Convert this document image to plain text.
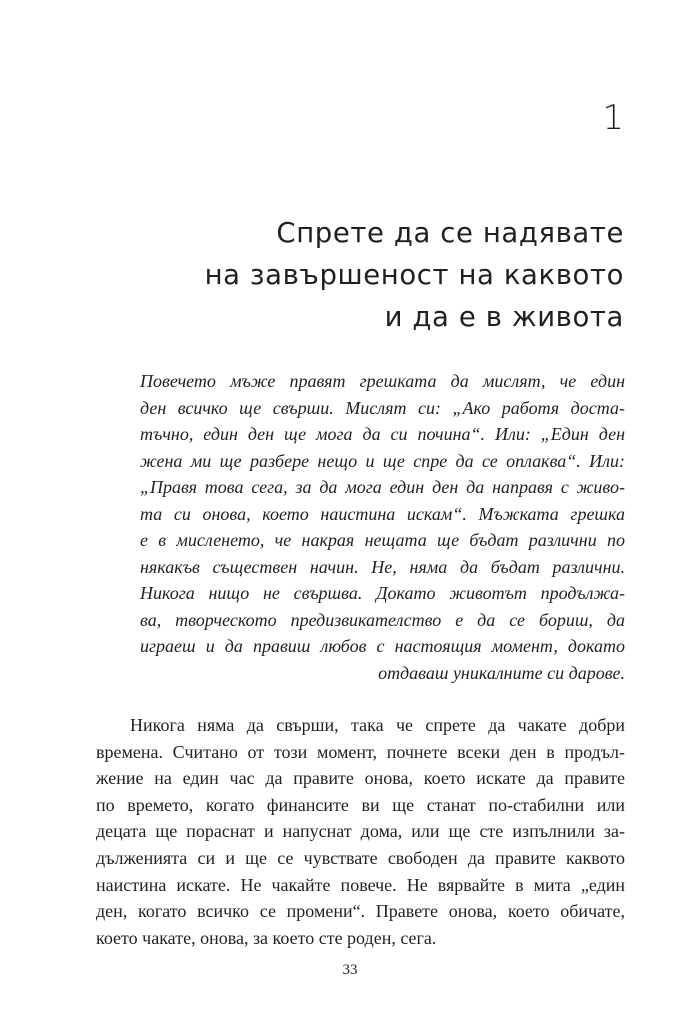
1

Спрете да се надявате
на завършеност на каквото
и да е в живота
Повечето мъже правят грешката да мислят, че един
ден всичко ще свърши. Мислят си: „Ако работя доста-
тъчно, един ден ще мога да си почина“. Или: „Един ден
жена ми ще разбере нещо и ще спре да се оплаква“. Или:
„Правя това сега, за да мога един ден да направя с живо-
та си онова, което наистина искам“. Мъжката грешка
е в мисленето, че накрая нещата ще бъдат различни по
някакъв съществен начин. Не, няма да бъдат различни.
Никога нищо не свършва. Докато животът продължа-
ва, творческото предизвикателство е да се бориш, да
играеш и да правиш любов с настоящия момент, докато
отдаваш уникалните си дарове.
Никога няма да свърши, така че спрете да чакате добри
времена. Считано от този момент, почнете всеки ден в продъл-
жение на един час да правите онова, което искате да правите
по времето, когато финансите ви ще станат по-стабилни или
децата ще пораснат и напуснат дома, или ще сте изпълнили за-
дълженията си и ще се чувствате свободен да правите каквото
наистина искате. Не чакайте повече. Не вярвайте в мита „един
ден, когато всичко се промени“. Правете онова, което обичате,
което чакате, онова, за което сте роден, сега.

33
